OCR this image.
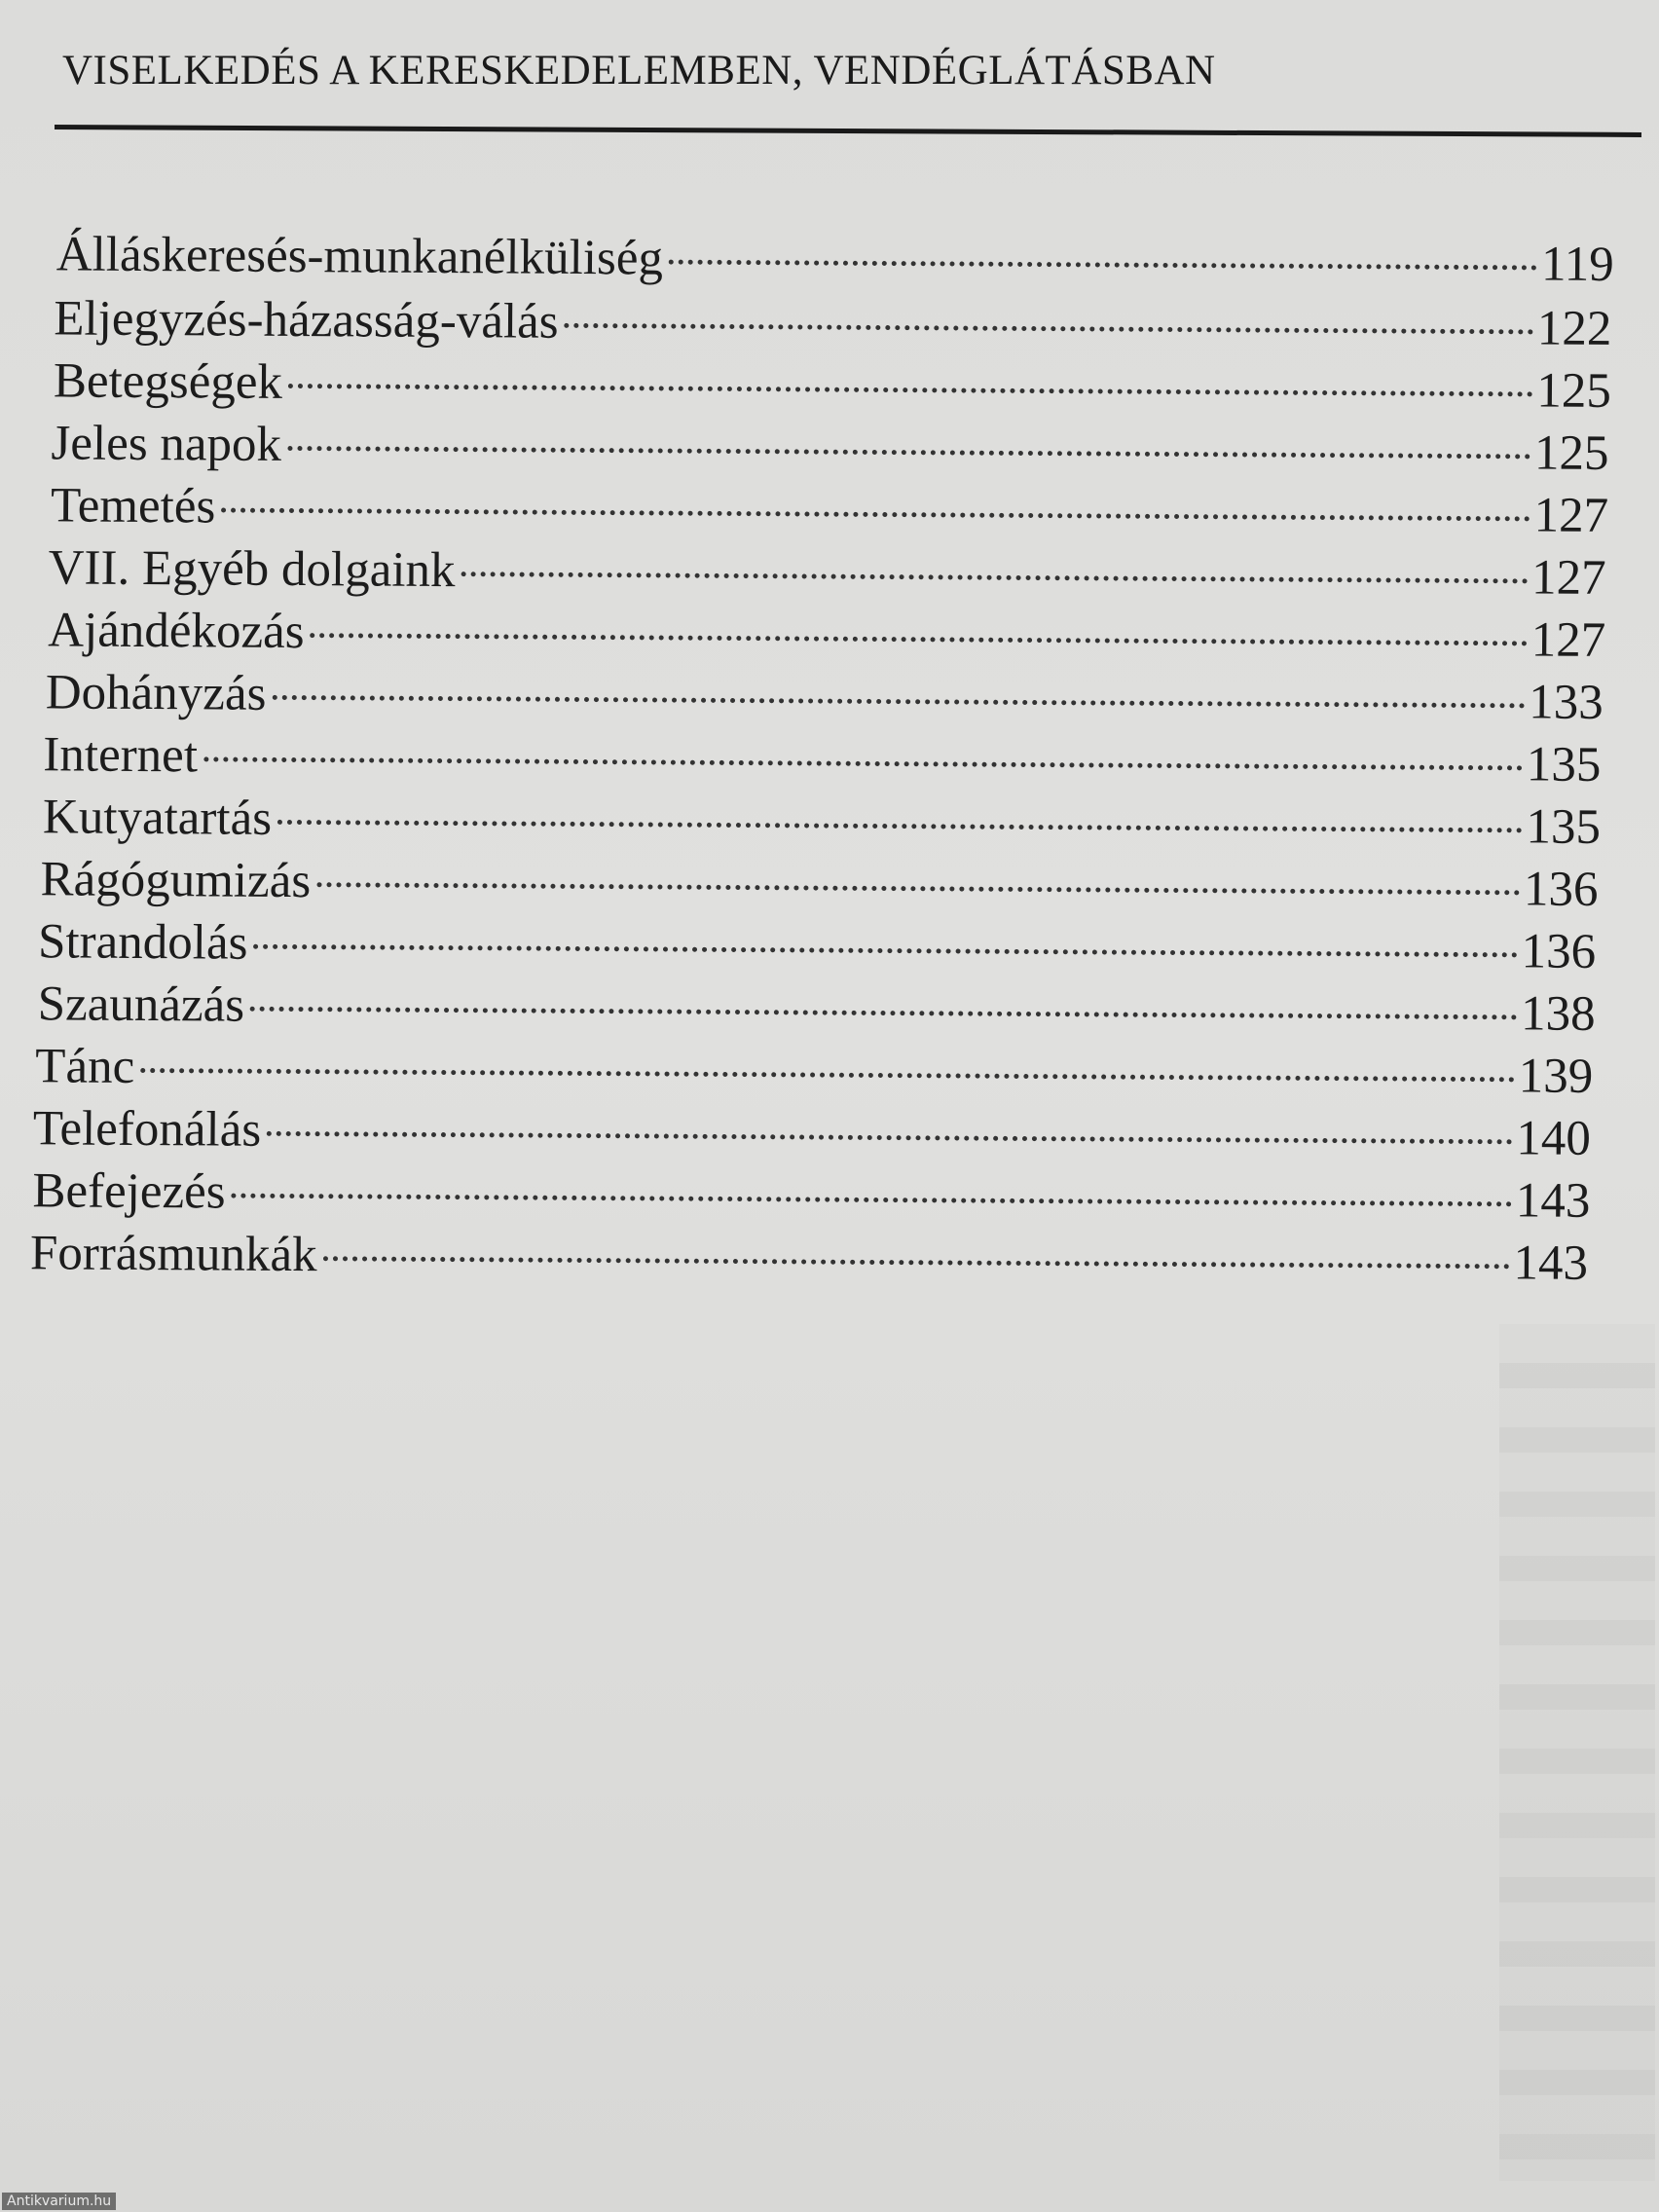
VISELKEDÉS A KERESKEDELEMBEN, VENDÉGLÁTÁSBAN
Álláskeresés-munkanélküliség	119
Eljegyzés-házasság-válás	122
Betegségek	125
Jeles napok	125
Temetés	127
VII. Egyéb dolgaink	127
Ajándékozás	127
Dohányzás	133
Internet	135
Kutyatartás	135
Rágógumizás	136
Strandolás	136
Szaunázás	138
Tánc	139
Telefonálás	140
Befejezés	143
Forrásmunkák	143
Antikvarium.hu
